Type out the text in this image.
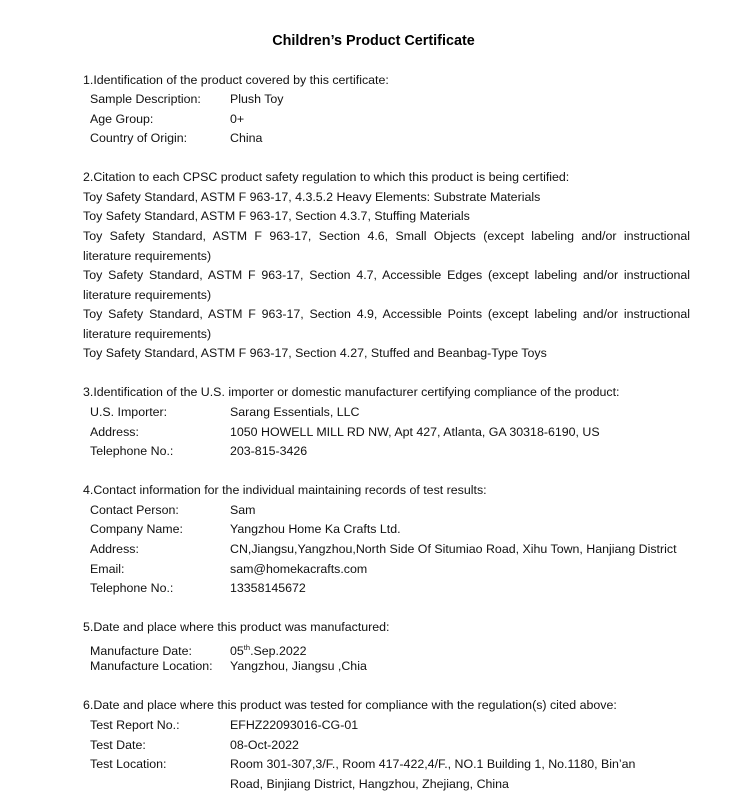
Children’s Product Certificate
1.Identification of the product covered by this certificate:
Sample Description: Plush Toy
Age Group:	0+
Country of Origin:	China
2.Citation to each CPSC product safety regulation to which this product is being certified:
Toy Safety Standard, ASTM F 963-17, 4.3.5.2 Heavy Elements: Substrate Materials
Toy Safety Standard, ASTM F 963-17, Section 4.3.7, Stuffing Materials
Toy Safety Standard, ASTM F 963-17, Section 4.6, Small Objects (except labeling and/or instructional literature requirements)
Toy Safety Standard, ASTM F 963-17, Section 4.7, Accessible Edges (except labeling and/or instructional literature requirements)
Toy Safety Standard, ASTM F 963-17, Section 4.9, Accessible Points (except labeling and/or instructional literature requirements)
Toy Safety Standard, ASTM F 963-17, Section 4.27, Stuffed and Beanbag-Type Toys
3.Identification of the U.S. importer or domestic manufacturer certifying compliance of the product:
U.S. Importer:	Sarang Essentials, LLC
Address:	1050 HOWELL MILL RD NW, Apt 427, Atlanta, GA 30318-6190, US
Telephone No.:	203-815-3426
4.Contact information for the individual maintaining records of test results:
Contact Person:	Sam
Company Name:	Yangzhou Home Ka Crafts Ltd.
Address:	CN,Jiangsu,Yangzhou,North Side Of Situmiao Road, Xihu Town, Hanjiang District
Email:	sam@homekacrafts.com
Telephone No.:	13358145672
5.Date and place where this product was manufactured:
Manufacture Date:	05th.Sep.2022
Manufacture Location: Yangzhou, Jiangsu ,Chia
6.Date and place where this product was tested for compliance with the regulation(s) cited above:
Test Report No.:	EFHZ22093016-CG-01
Test Date:	08-Oct-2022
Test Location:	Room 301-307,3/F., Room 417-422,4/F., NO.1 Building 1, No.1180, Bin’an
Road, Binjiang District, Hangzhou, Zhejiang, China
